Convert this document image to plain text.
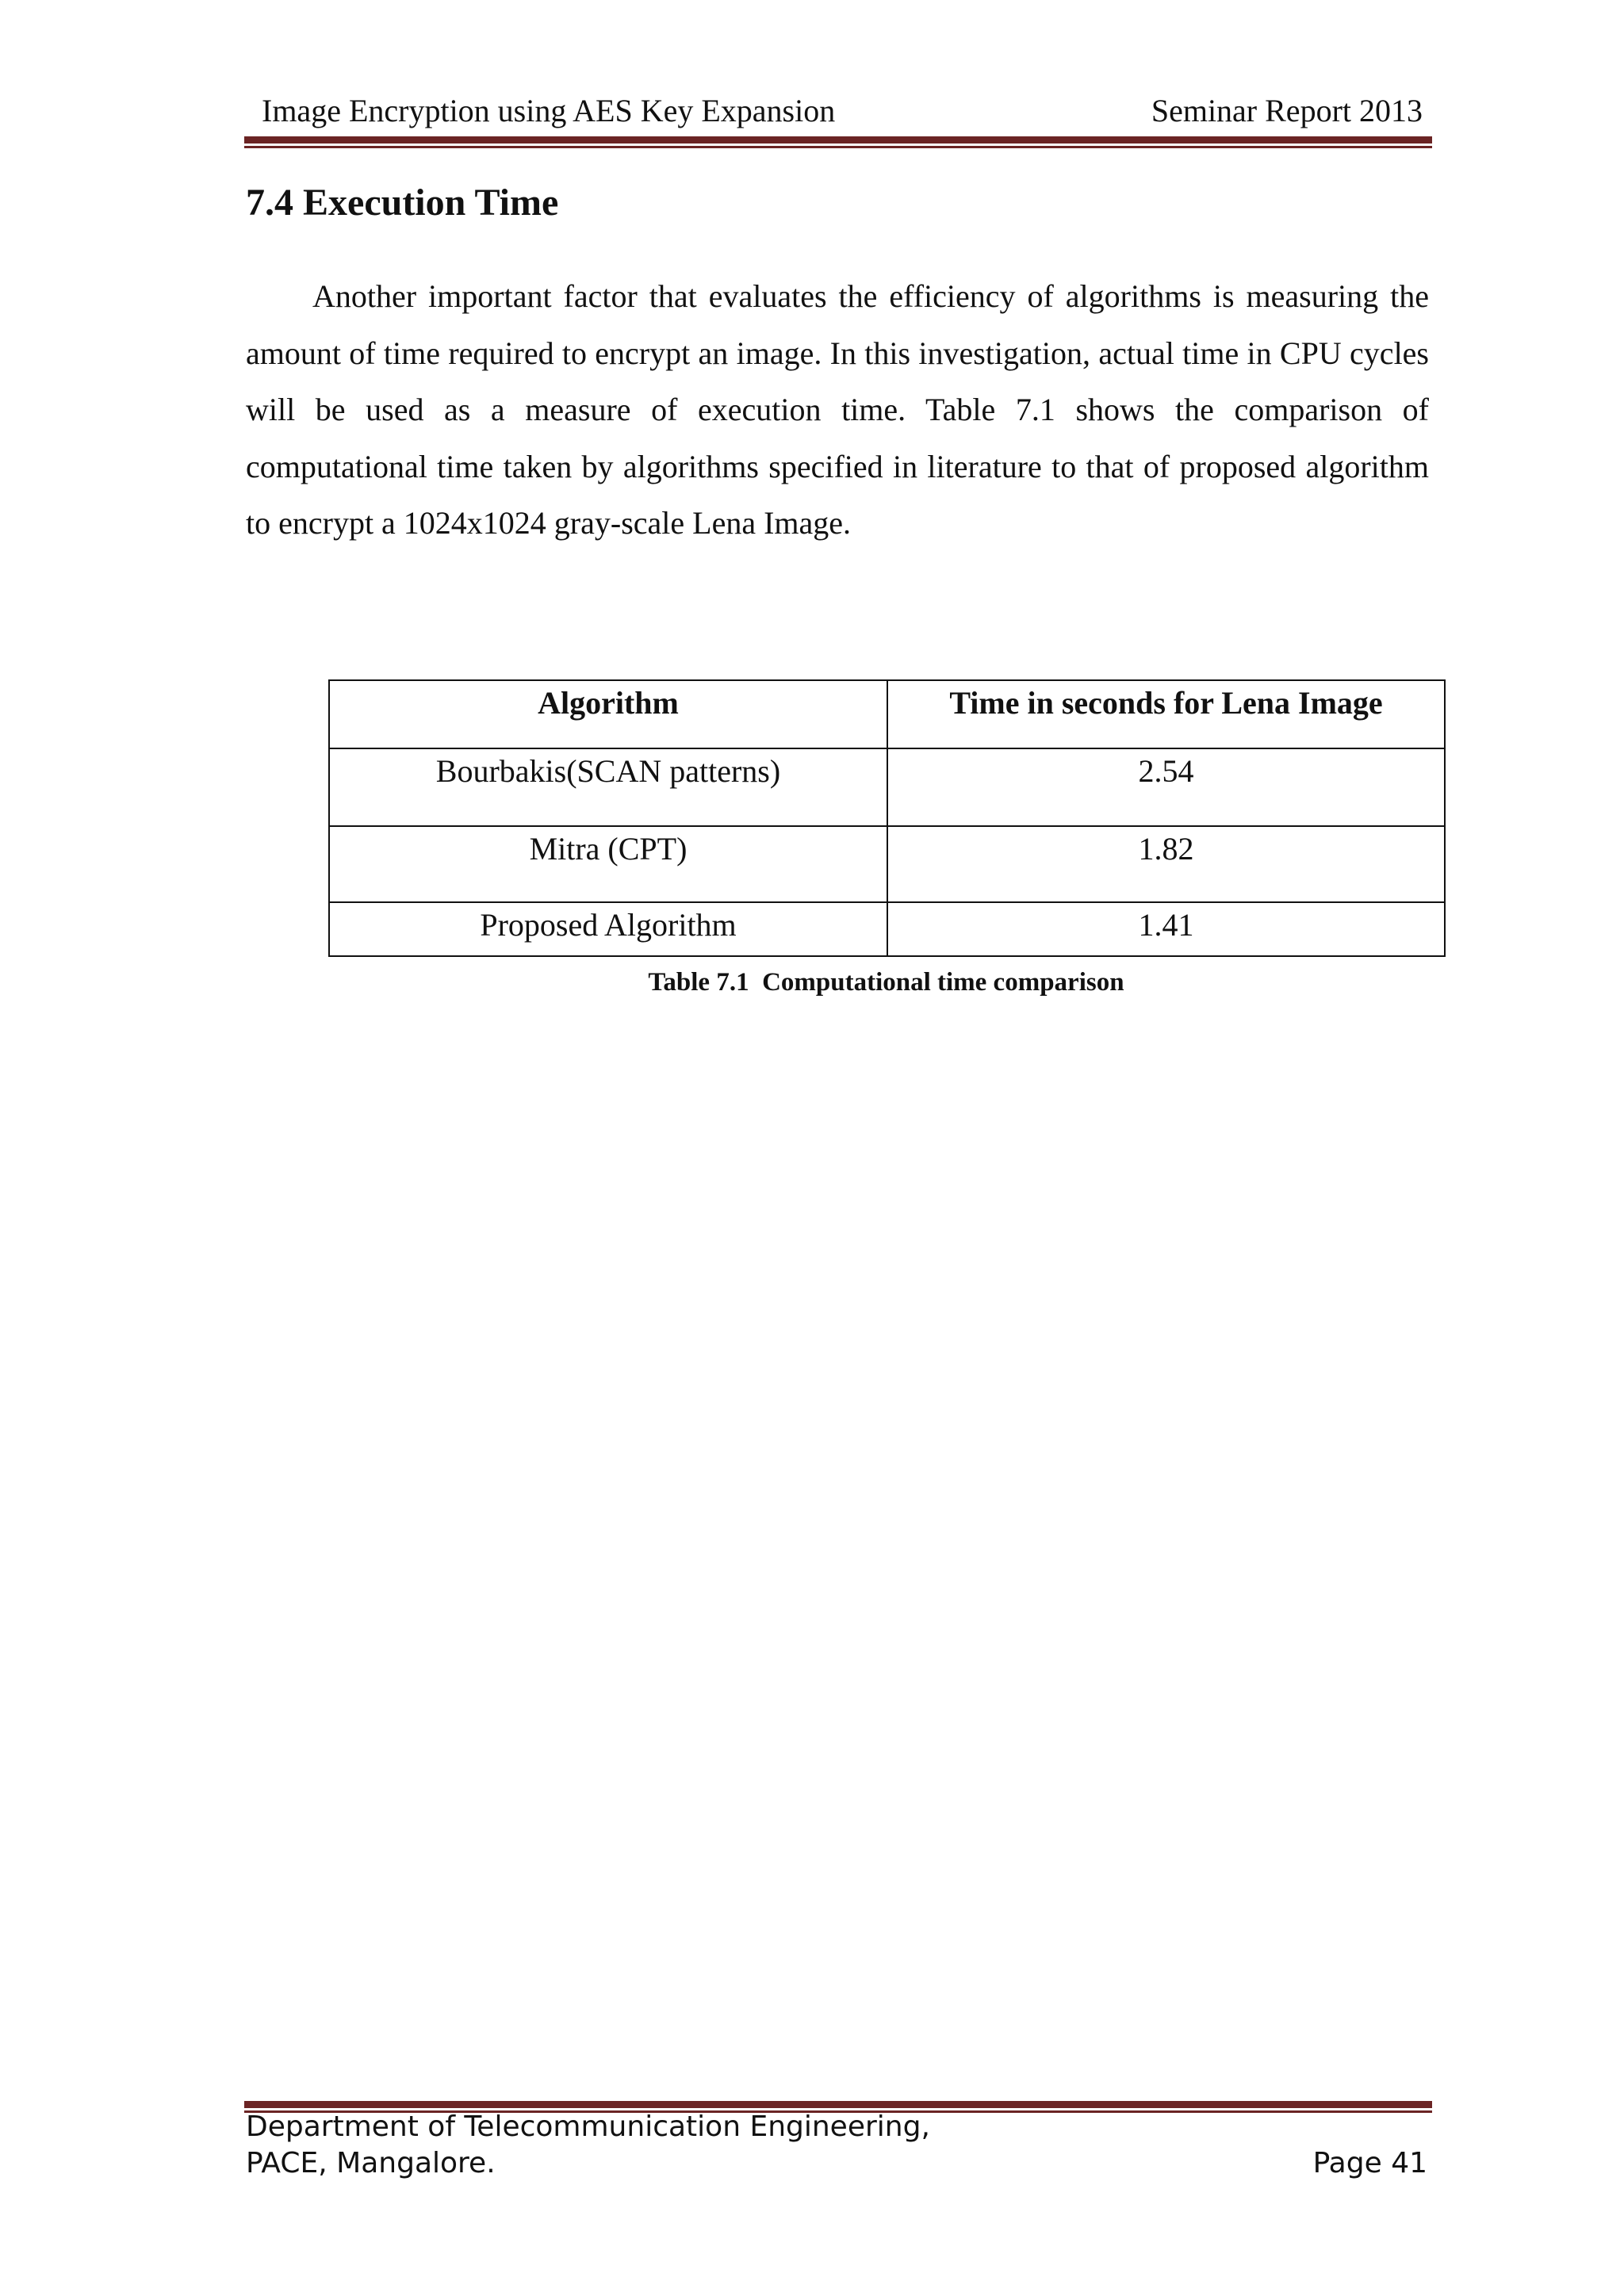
Image Encryption using AES Key Expansion	Seminar Report 2013
7.4 Execution Time

Another important factor that evaluates the efficiency of algorithms is measuring the amount of time required to encrypt an image. In this investigation, actual time in CPU cycles will be used as a measure of execution time. Table 7.1 shows the comparison of computational time taken by algorithms specified in literature to that of proposed algorithm to encrypt a 1024x1024 gray-scale Lena Image.

Algorithm	Time in seconds for Lena Image
Bourbakis(SCAN patterns)	2.54
Mitra (CPT)	1.82
Proposed Algorithm	1.41
Table 7.1  Computational time comparison
Department of Telecommunication Engineering,
PACE, Mangalore.	Page 41
